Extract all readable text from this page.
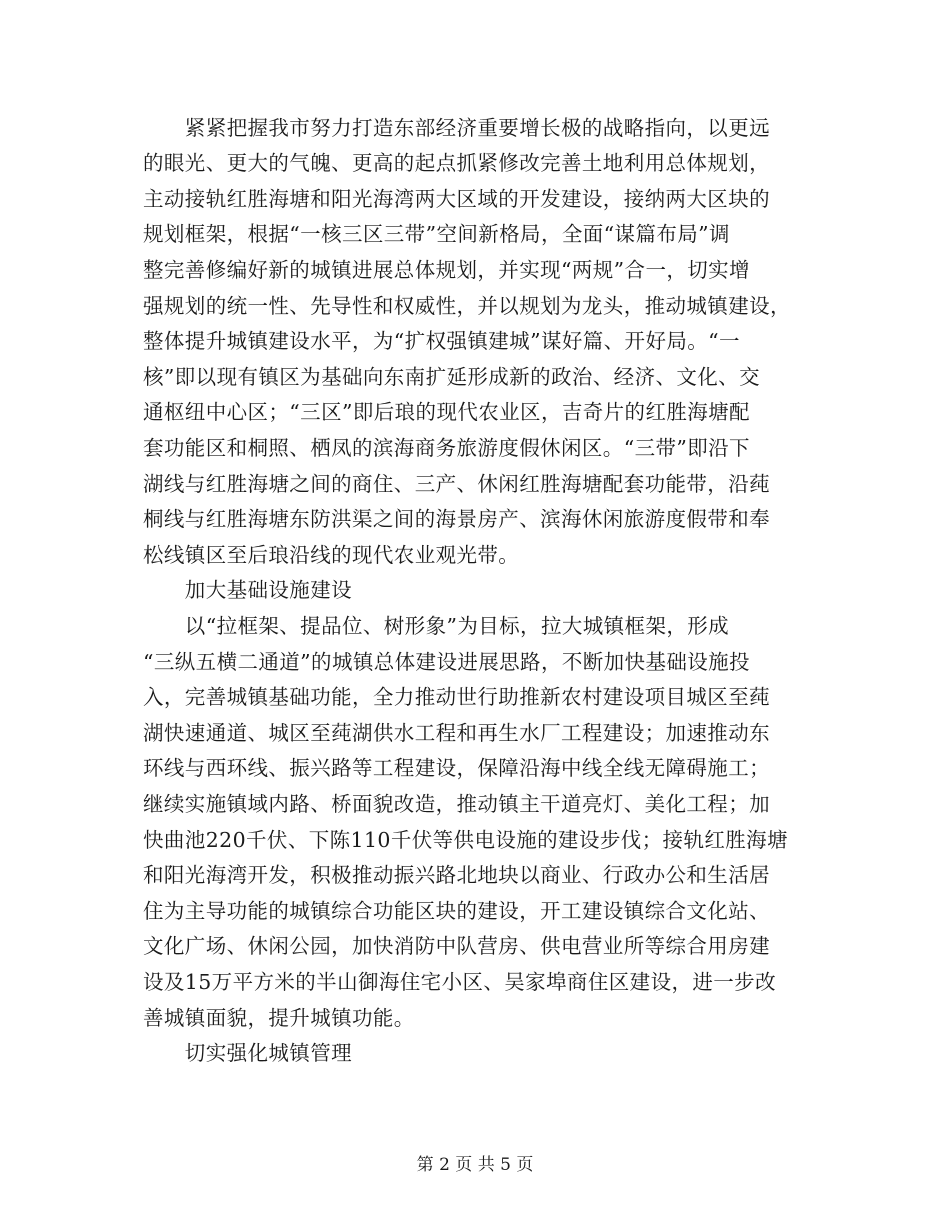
　　紧紧把握我市努力打造东部经济重要增长极的战略指向，以更远

的眼光、更大的气魄、更高的起点抓紧修改完善土地利用总体规划，

主动接轨红胜海塘和阳光海湾两大区域的开发建设，接纳两大区块的

规划框架，根据“一核三区三带”空间新格局，全面“谋篇布局”调

整完善修编好新的城镇进展总体规划，并实现“两规”合一，切实增

强规划的统一性、先导性和权威性，并以规划为龙头，推动城镇建设，

整体提升城镇建设水平，为“扩权强镇建城”谋好篇、开好局。“一

核”即以现有镇区为基础向东南扩延形成新的政治、经济、文化、交

通枢纽中心区；“三区”即后琅的现代农业区，吉奇片的红胜海塘配

套功能区和桐照、栖凤的滨海商务旅游度假休闲区。“三带”即沿下

湖线与红胜海塘之间的商住、三产、休闲红胜海塘配套功能带，沿莼

桐线与红胜海塘东防洪渠之间的海景房产、滨海休闲旅游度假带和奉

松线镇区至后琅沿线的现代农业观光带。

　　加大基础设施建设

　　以“拉框架、提品位、树形象”为目标，拉大城镇框架，形成

“三纵五横二通道”的城镇总体建设进展思路，不断加快基础设施投

入，完善城镇基础功能，全力推动世行助推新农村建设项目城区至莼

湖快速通道、城区至莼湖供水工程和再生水厂工程建设；加速推动东

环线与西环线、振兴路等工程建设，保障沿海中线全线无障碍施工；

继续实施镇域内路、桥面貌改造，推动镇主干道亮灯、美化工程；加

快曲池220千伏、下陈110千伏等供电设施的建设步伐；接轨红胜海塘

和阳光海湾开发，积极推动振兴路北地块以商业、行政办公和生活居

住为主导功能的城镇综合功能区块的建设，开工建设镇综合文化站、

文化广场、休闲公园，加快消防中队营房、供电营业所等综合用房建

设及15万平方米的半山御海住宅小区、吴家埠商住区建设，进一步改

善城镇面貌，提升城镇功能。

　　切实强化城镇管理

第 2 页 共 5 页
